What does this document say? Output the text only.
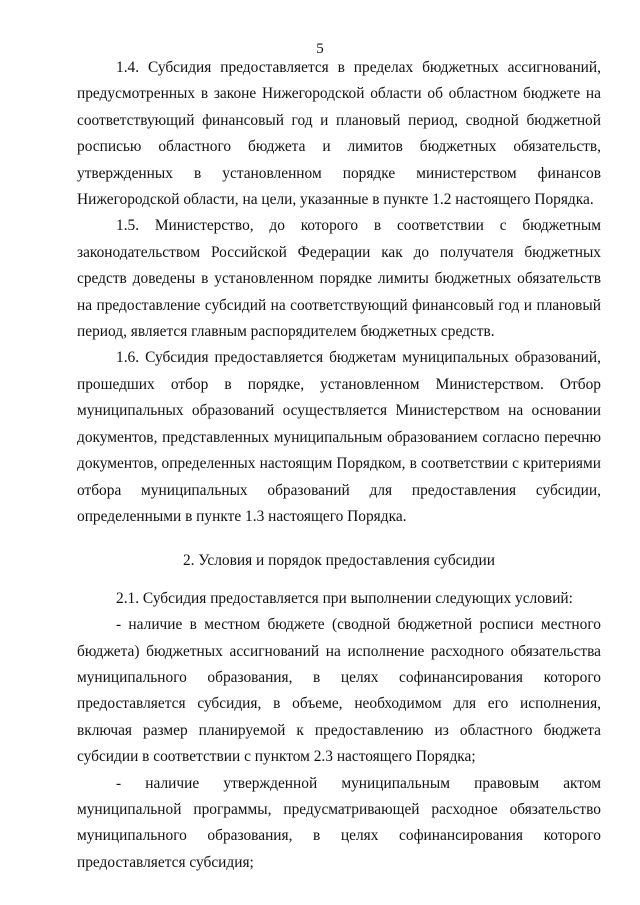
5

1.4. Субсидия предоставляется в пределах бюджетных ассигнований, предусмотренных в законе Нижегородской области об областном бюджете на соответствующий финансовый год и плановый период, сводной бюджетной росписью областного бюджета и лимитов бюджетных обязательств, утвержденных в установленном порядке министерством финансов Нижегородской области, на цели, указанные в пункте 1.2 настоящего Порядка.

1.5. Министерство, до которого в соответствии с бюджетным законодательством Российской Федерации как до получателя бюджетных средств доведены в установленном порядке лимиты бюджетных обязательств на предоставление субсидий на соответствующий финансовый год и плановый период, является главным распорядителем бюджетных средств.

1.6. Субсидия предоставляется бюджетам муниципальных образований, прошедших отбор в порядке, установленном Министерством. Отбор муниципальных образований осуществляется Министерством на основании документов, представленных муниципальным образованием согласно перечню документов, определенных настоящим Порядком, в соответствии с критериями отбора муниципальных образований для предоставления субсидии, определенными в пункте 1.3 настоящего Порядка.

2. Условия и порядок предоставления субсидии

2.1. Субсидия предоставляется при выполнении следующих условий:

- наличие в местном бюджете (сводной бюджетной росписи местного бюджета) бюджетных ассигнований на исполнение расходного обязательства муниципального образования, в целях софинансирования которого предоставляется субсидия, в объеме, необходимом для его исполнения, включая размер планируемой к предоставлению из областного бюджета субсидии в соответствии с пунктом 2.3 настоящего Порядка;

- наличие утвержденной муниципальным правовым актом муниципальной программы, предусматривающей расходное обязательство муниципального образования, в целях софинансирования которого предоставляется субсидия;
